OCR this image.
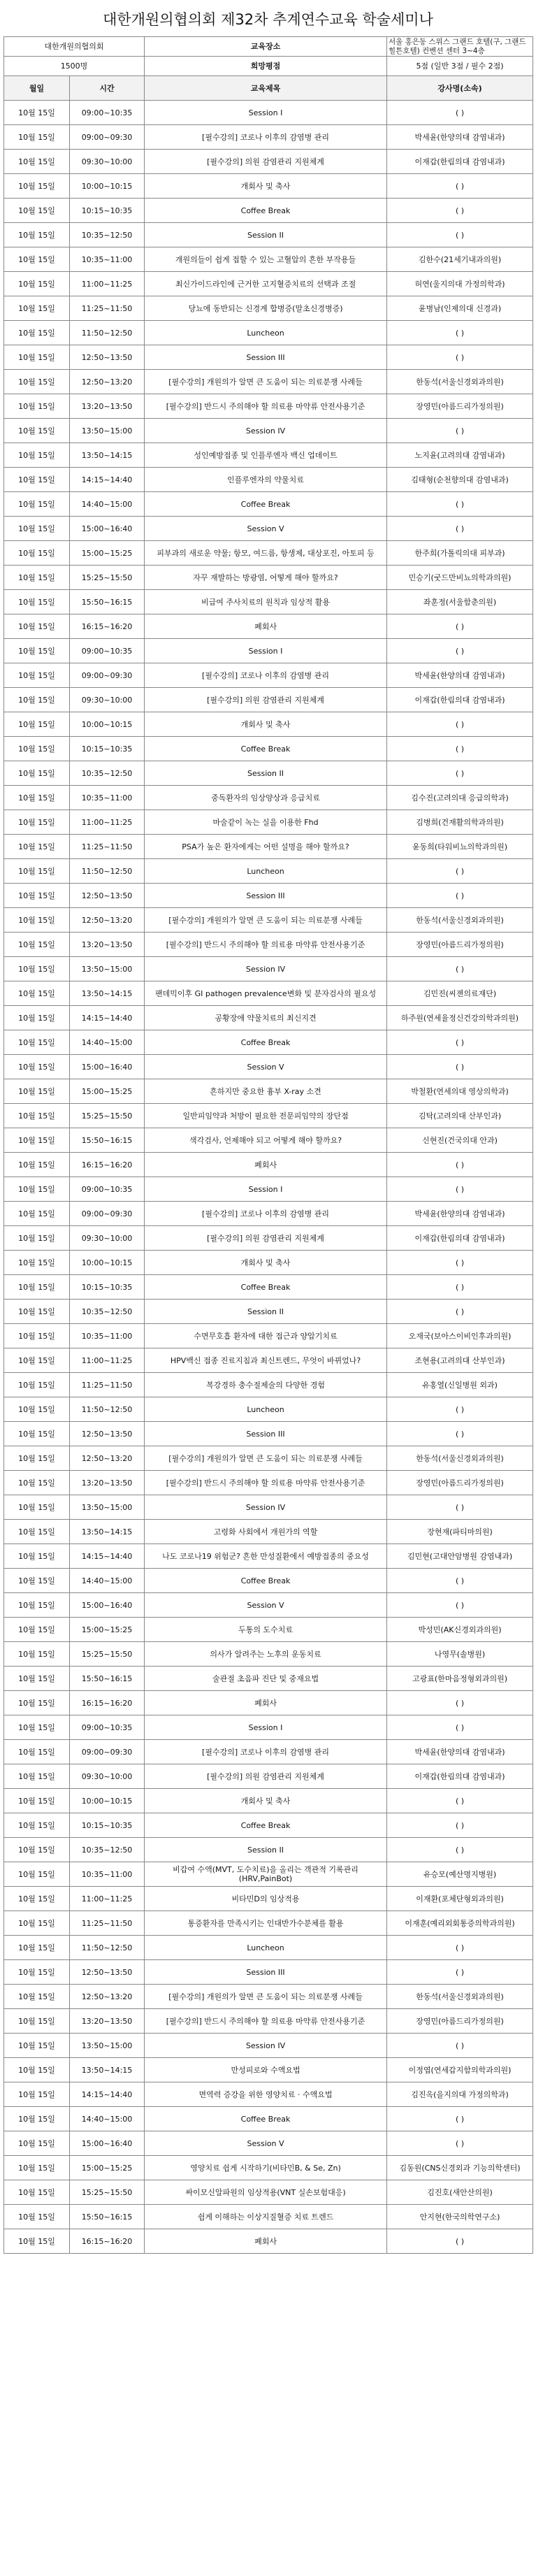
대한개원의협의회 제32차 추계연수교육 학술세미나
대한개원의협의회		교육장소	서울 홍은동 스위스 그랜드 호텔(구, 그랜드 힐튼호텔) 컨벤션 센터 3~4층
1500명		희망평점	5점 (일반 3점 / 필수 2점)
월일	시간	교육제목	강사명(소속)
10월 15일	09:00~10:35	Session I	( )
10월 15일	09:00~09:30	[필수강의] 코로나 이후의 감염병 관리	박세윤(한양의대 감염내과)
10월 15일	09:30~10:00	[필수강의] 의원 감염관리 지원체계	이재갑(한림의대 감염내과)
10월 15일	10:00~10:15	개회사 및 축사	( )
10월 15일	10:15~10:35	Coffee Break	( )
10월 15일	10:35~12:50	Session II	( )
10월 15일	10:35~11:00	개원의들이 쉽게 접할 수 있는 고혈압의 흔한 부작용들	김한수(21세기내과의원)
10월 15일	11:00~11:25	최신가이드라인에 근거한 고지혈증치료의 선택과 조절	허연(울지의대 가정의학과)
10월 15일	11:25~11:50	당뇨에 동반되는 신경계 합병증(말초신경병증)	윤병남(인제의대 신경과)
10월 15일	11:50~12:50	Luncheon	( )
10월 15일	12:50~13:50	Session III	( )
10월 15일	12:50~13:20	[필수강의] 개원의가 알면 큰 도움이 되는 의료분쟁 사례들	한동석(서울신경외과의원)
10월 15일	13:20~13:50	[필수강의] 반드시 주의해야 할 의료용 마약류 안전사용기준	장영민(아름드리가정의원)
10월 15일	13:50~15:00	Session IV	( )
10월 15일	13:50~14:15	성인예방접종 및 인플루엔자 백신 업데이트	노지윤(고려의대 감염내과)
10월 15일	14:15~14:40	인플루엔자의 약물치료	김태형(순천향의대 감염내과)
10월 15일	14:40~15:00	Coffee Break	( )
10월 15일	15:00~16:40	Session V	( )
10월 15일	15:00~15:25	피부과의 새로운 약물; 항모, 여드름, 항생제, 대상포진, 아토피 등	한주희(가톨릭의대 피부과)
10월 15일	15:25~15:50	자꾸 재발하는 방광염, 어떻게 해야 할까요?	민승기(굿드만비뇨의학과의원)
10월 15일	15:50~16:15	비급여 주사치료의 원칙과 임상적 활용	좌훈정(서울함춘의원)
10월 15일	16:15~16:20	폐회사	( )
10월 15일	09:00~10:35	Session I	( )
10월 15일	09:00~09:30	[필수강의] 코로나 이후의 감염병 관리	박세윤(한양의대 감염내과)
10월 15일	09:30~10:00	[필수강의] 의원 감염관리 지원체계	이재갑(한림의대 감염내과)
10월 15일	10:00~10:15	개회사 및 축사	( )
10월 15일	10:15~10:35	Coffee Break	( )
10월 15일	10:35~12:50	Session II	( )
10월 15일	10:35~11:00	중독환자의 임상양상과 응급치료	김수진(고려의대 응급의학과)
10월 15일	11:00~11:25	마술같이 녹는 실을 이용한 Fhd	김병희(건재활의학과의원)
10월 15일	11:25~11:50	PSA가 높은 환자에게는 어떤 설명을 해야 할까요?	윤동희(타워비뇨의학과의원)
10월 15일	11:50~12:50	Luncheon	( )
10월 15일	12:50~13:50	Session III	( )
10월 15일	12:50~13:20	[필수강의] 개원의가 알면 큰 도움이 되는 의료분쟁 사례들	한동석(서울신경외과의원)
10월 15일	13:20~13:50	[필수강의] 반드시 주의해야 할 의료용 마약류 안전사용기준	장영민(아름드리가정의원)
10월 15일	13:50~15:00	Session IV	( )
10월 15일	13:50~14:15	팬데믹이후 GI pathogen prevalence변화 및 분자검사의 필요성	김민진(씨젠의료재단)
10월 15일	14:15~14:40	공황장애 약물치료의 최신지견	하주원(연세율정신건강의학과의원)
10월 15일	14:40~15:00	Coffee Break	( )
10월 15일	15:00~16:40	Session V	( )
10월 15일	15:00~15:25	흔하지만 중요한 흉부 X-ray 소견	박철환(연세의대 영상의학과)
10월 15일	15:25~15:50	일반피임약과 처방이 필요한 전문피임약의 장단점	김탁(고려의대 산부인과)
10월 15일	15:50~16:15	색각검사, 언제해야 되고 어떻게 해야 할까요?	신현진(건국의대 안과)
10월 15일	16:15~16:20	폐회사	( )
10월 15일	09:00~10:35	Session I	( )
10월 15일	09:00~09:30	[필수강의] 코로나 이후의 감염병 관리	박세윤(한양의대 감염내과)
10월 15일	09:30~10:00	[필수강의] 의원 감염관리 지원체계	이재갑(한림의대 감염내과)
10월 15일	10:00~10:15	개회사 및 축사	( )
10월 15일	10:15~10:35	Coffee Break	( )
10월 15일	10:35~12:50	Session II	( )
10월 15일	10:35~11:00	수면무호흡 환자에 대한 접근과 양압기치료	오재국(보아스이비인후과의원)
10월 15일	11:00~11:25	HPV백신 접종 진료지침과 최신트렌드, 무엇이 바뀌었나?	조현용(고려의대 산부인과)
10월 15일	11:25~11:50	복강경하 충수절제술의 다양한 경험	유홍열(신일병원 외과)
10월 15일	11:50~12:50	Luncheon	( )
10월 15일	12:50~13:50	Session III	( )
10월 15일	12:50~13:20	[필수강의] 개원의가 알면 큰 도움이 되는 의료분쟁 사례들	한동석(서울신경외과의원)
10월 15일	13:20~13:50	[필수강의] 반드시 주의해야 할 의료용 마약류 안전사용기준	장영민(아름드리가정의원)
10월 15일	13:50~15:00	Session IV	( )
10월 15일	13:50~14:15	고령화 사회에서 개원가의 역할	장현재(파티마의원)
10월 15일	14:15~14:40	나도 코로나19 위험군? 흔한 만성질환에서 예방접종의 중요성	김민현(고대안암병원 감염내과)
10월 15일	14:40~15:00	Coffee Break	( )
10월 15일	15:00~16:40	Session V	( )
10월 15일	15:00~15:25	두통의 도수치료	박성민(AK신경외과의원)
10월 15일	15:25~15:50	의사가 알려주는 노후의 운동치료	나영무(솔병원)
10월 15일	15:50~16:15	술관절 초음파 진단 및 중재요법	고광표(한마음정형외과의원)
10월 15일	16:15~16:20	폐회사	( )
10월 15일	09:00~10:35	Session I	( )
10월 15일	09:00~09:30	[필수강의] 코로나 이후의 감염병 관리	박세윤(한양의대 감염내과)
10월 15일	09:30~10:00	[필수강의] 의원 감염관리 지원체계	이재갑(한림의대 감염내과)
10월 15일	10:00~10:15	개회사 및 축사	( )
10월 15일	10:15~10:35	Coffee Break	( )
10월 15일	10:35~12:50	Session II	( )
10월 15일	10:35~11:00	비갑여 수액(MVT, 도수치료)을 올리는 객관적 기록관리(HRV,PainBot)	유승모(예산명지병원)
10월 15일	11:00~11:25	비타민D의 임상적용	이재환(포체단형외과의원)
10월 15일	11:25~11:50	통증환자를 만족시키는 인대반가수분체를 활용	이재훈(예리외회통증의학과의원)
10월 15일	11:50~12:50	Luncheon	( )
10월 15일	12:50~13:50	Session III	( )
10월 15일	12:50~13:20	[필수강의] 개원의가 알면 큰 도움이 되는 의료분쟁 사례들	한동석(서울신경외과의원)
10월 15일	13:20~13:50	[필수강의] 반드시 주의해야 할 의료용 마약류 안전사용기준	장영민(아름드리가정의원)
10월 15일	13:50~15:00	Session IV	( )
10월 15일	13:50~14:15	만성피로와 수액요법	이정엽(연세갑지함의학과의원)
10월 15일	14:15~14:40	면역력 증강을 위한 영양치료 · 수액요법	김진옥(을지의대 가정의학과)
10월 15일	14:40~15:00	Coffee Break	( )
10월 15일	15:00~16:40	Session V	( )
10월 15일	15:00~15:25	영양치료 쉽게 시작하기(비타민B, & Se, Zn)	김동원(CNS신경외과 기능의학센터)
10월 15일	15:25~15:50	싸이모신알파원의 임상적용(VNT 실손보험대응)	김진호(새안산의원)
10월 15일	15:50~16:15	쉽게 이해하는 이상지질혈증 치료 트렌드	안지현(한국의학연구소)
10월 15일	16:15~16:20	폐회사	( )
